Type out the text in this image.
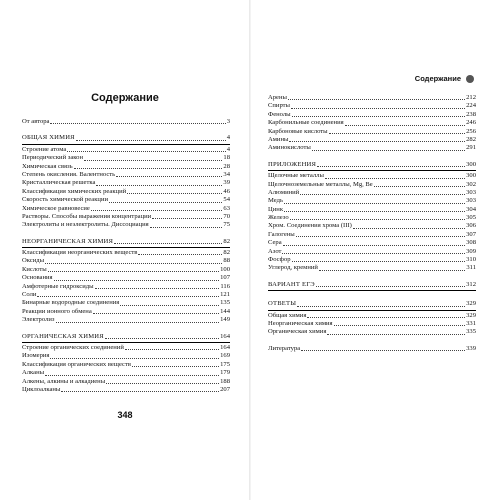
Содержание
От автора	3
ОБЩАЯ ХИМИЯ	4
Строение атома	4
Периодический закон	18
Химическая связь	28
Степень окисления. Валентность	34
Кристаллическая решетка	39
Классификация химических реакций	46
Скорость химической реакции	54
Химическое равновесие	63
Растворы. Способы выражения концентрации	70
Электролиты и неэлектролиты. Диссоциация	75
НЕОРГАНИЧЕСКАЯ ХИМИЯ	82
Классификация неорганических веществ	82
Оксиды	88
Кислоты	100
Основания	107
Амфотерные гидроксиды	116
Соли	121
Бинарные водородные соединения	135
Реакции ионного обмена	144
Электролиз	149
ОРГАНИЧЕСКАЯ ХИМИЯ	164
Строение органических соединений	164
Изомерия	169
Классификация органических веществ	175
Алканы	179
Алкены, алкины и алкадиены	188
Циклоалканы	207
348
Содержание
Арены	212
Спирты	224
Фенолы	238
Карбонильные соединения	246
Карбоновые кислоты	256
Амины	282
Аминокислоты	291
ПРИЛОЖЕНИЯ	300
Щелочные металлы	300
Щелочноземельные металлы, Mg, Be	302
Алюминий	303
Медь	303
Цинк	304
Железо	305
Хром. Соединения хрома (III)	306
Галогены	307
Сера	308
Азот	309
Фосфор	310
Углерод, кремний	311
ВАРИАНТ ЕГЭ	312
ОТВЕТЫ	329
Общая химия	329
Неорганическая химия	331
Органическая химия	335
Литература	339
